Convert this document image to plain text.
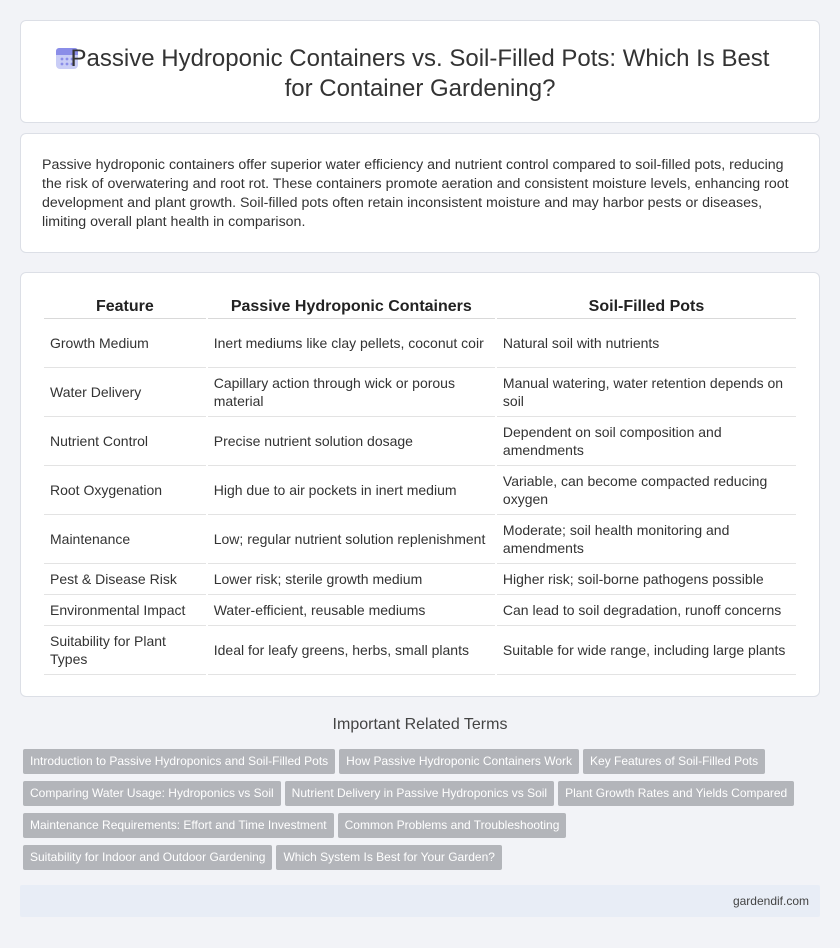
Passive Hydroponic Containers vs. Soil-Filled Pots: Which Is Best for Container Gardening?

Passive hydroponic containers offer superior water efficiency and nutrient control compared to soil-filled pots, reducing the risk of overwatering and root rot. These containers promote aeration and consistent moisture levels, enhancing root development and plant growth. Soil-filled pots often retain inconsistent moisture and may harbor pests or diseases, limiting overall plant health in comparison.

Feature	Passive Hydroponic Containers	Soil-Filled Pots
Growth Medium	Inert mediums like clay pellets, coconut coir	Natural soil with nutrients
Water Delivery	Capillary action through wick or porous material	Manual watering, water retention depends on soil
Nutrient Control	Precise nutrient solution dosage	Dependent on soil composition and amendments
Root Oxygenation	High due to air pockets in inert medium	Variable, can become compacted reducing oxygen
Maintenance	Low; regular nutrient solution replenishment	Moderate; soil health monitoring and amendments
Pest & Disease Risk	Lower risk; sterile growth medium	Higher risk; soil-borne pathogens possible
Environmental Impact	Water-efficient, reusable mediums	Can lead to soil degradation, runoff concerns
Suitability for Plant Types	Ideal for leafy greens, herbs, small plants	Suitable for wide range, including large plants
Important Related Terms
Introduction to Passive Hydroponics and Soil-Filled Pots How Passive Hydroponic Containers Work Key Features of Soil-Filled Pots
Comparing Water Usage: Hydroponics vs Soil Nutrient Delivery in Passive Hydroponics vs Soil Plant Growth Rates and Yields Compared
Maintenance Requirements: Effort and Time Investment Common Problems and Troubleshooting
Suitability for Indoor and Outdoor Gardening Which System Is Best for Your Garden?
gardendif.com
